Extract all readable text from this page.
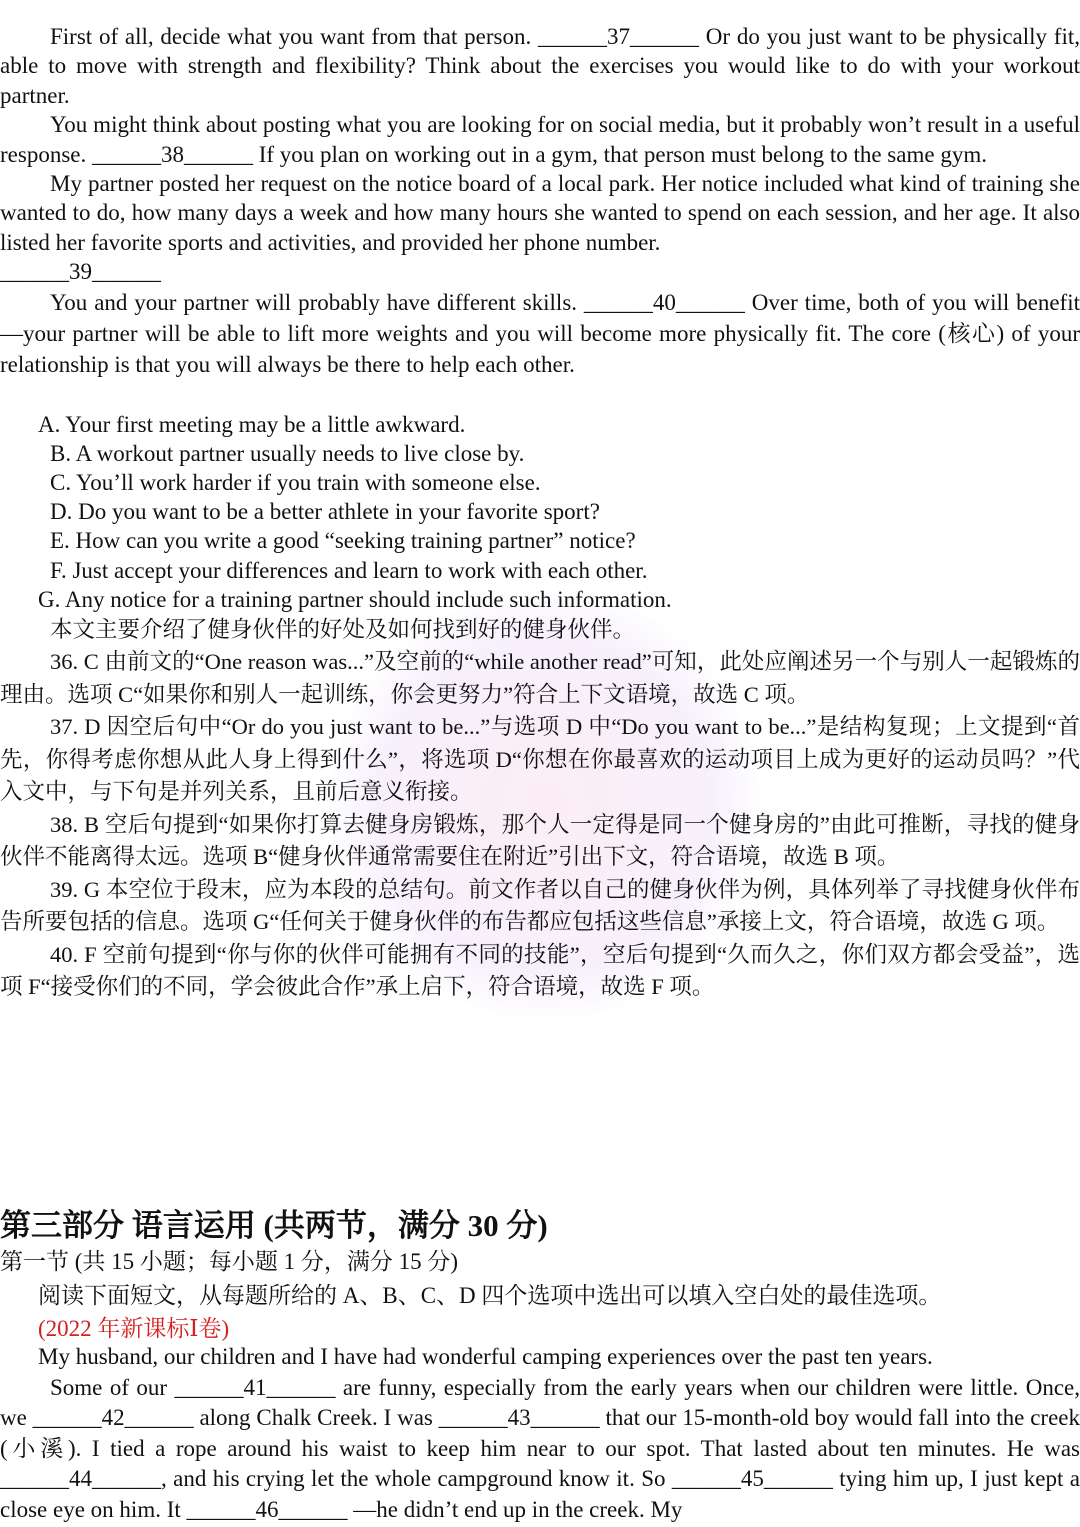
First of all, decide what you want from that person. ______37______ Or do you just want to be physically fit, able to move with strength and flexibility? Think about the exercises you would like to do with your workout partner.

You might think about posting what you are looking for on social media, but it probably won’t result in a useful response. ______38______ If you plan on working out in a gym, that person must belong to the same gym.

My partner posted her request on the notice board of a local park. Her notice included what kind of training she wanted to do, how many days a week and how many hours she wanted to spend on each session, and her age. It also listed her favorite sports and activities, and provided her phone number.

______39______

You and your partner will probably have different skills. ______40______ Over time, both of you will benefit—your partner will be able to lift more weights and you will become more physically fit. The core (核心) of your relationship is that you will always be there to help each other.

A. Your first meeting may be a little awkward.

B. A workout partner usually needs to live close by.

C. You’ll work harder if you train with someone else.

D. Do you want to be a better athlete in your favorite sport?

E. How can you write a good “seeking training partner” notice?

F. Just accept your differences and learn to work with each other.

G. Any notice for a training partner should include such information.

本文主要介绍了健身伙伴的好处及如何找到好的健身伙伴。

36. C 由前文的“One reason was...”及空前的“while another read”可知，此处应阐述另一个与别人一起锻炼的理由。选项 C“如果你和别人一起训练，你会更努力”符合上下文语境，故选 C 项。

37. D 因空后句中“Or do you just want to be...”与选项 D 中“Do you want to be...”是结构复现；上文提到“首先，你得考虑你想从此人身上得到什么”，将选项 D“你想在你最喜欢的运动项目上成为更好的运动员吗？”代入文中，与下句是并列关系，且前后意义衔接。

38. B 空后句提到“如果你打算去健身房锻炼，那个人一定得是同一个健身房的”由此可推断，寻找的健身伙伴不能离得太远。选项 B“健身伙伴通常需要住在附近”引出下文，符合语境，故选 B 项。

39. G 本空位于段末，应为本段的总结句。前文作者以自己的健身伙伴为例，具体列举了寻找健身伙伴布告所要包括的信息。选项 G“任何关于健身伙伴的布告都应包括这些信息”承接上文，符合语境，故选 G 项。

40. F 空前句提到“你与你的伙伴可能拥有不同的技能”，空后句提到“久而久之，你们双方都会受益”，选项 F“接受你们的不同，学会彼此合作”承上启下，符合语境，故选 F 项。

第三部分 语言运用 (共两节，满分 30 分)

第一节 (共 15 小题；每小题 1 分，满分 15 分)

阅读下面短文，从每题所给的 A、B、C、D 四个选项中选出可以填入空白处的最佳选项。

(2022 年新课标Ⅰ卷)

My husband, our children and I have had wonderful camping experiences over the past ten years.

Some of our ______41______ are funny, especially from the early years when our children were little. Once, we ______42______ along Chalk Creek. I was ______43______ that our 15-month-old boy would fall into the creek (小溪). I tied a rope around his waist to keep him near to our spot. That lasted about ten minutes. He was ______44______, and his crying let the whole campground know it. So ______45______ tying him up, I just kept a close eye on him. It ______46______ —he didn’t end up in the creek. My
